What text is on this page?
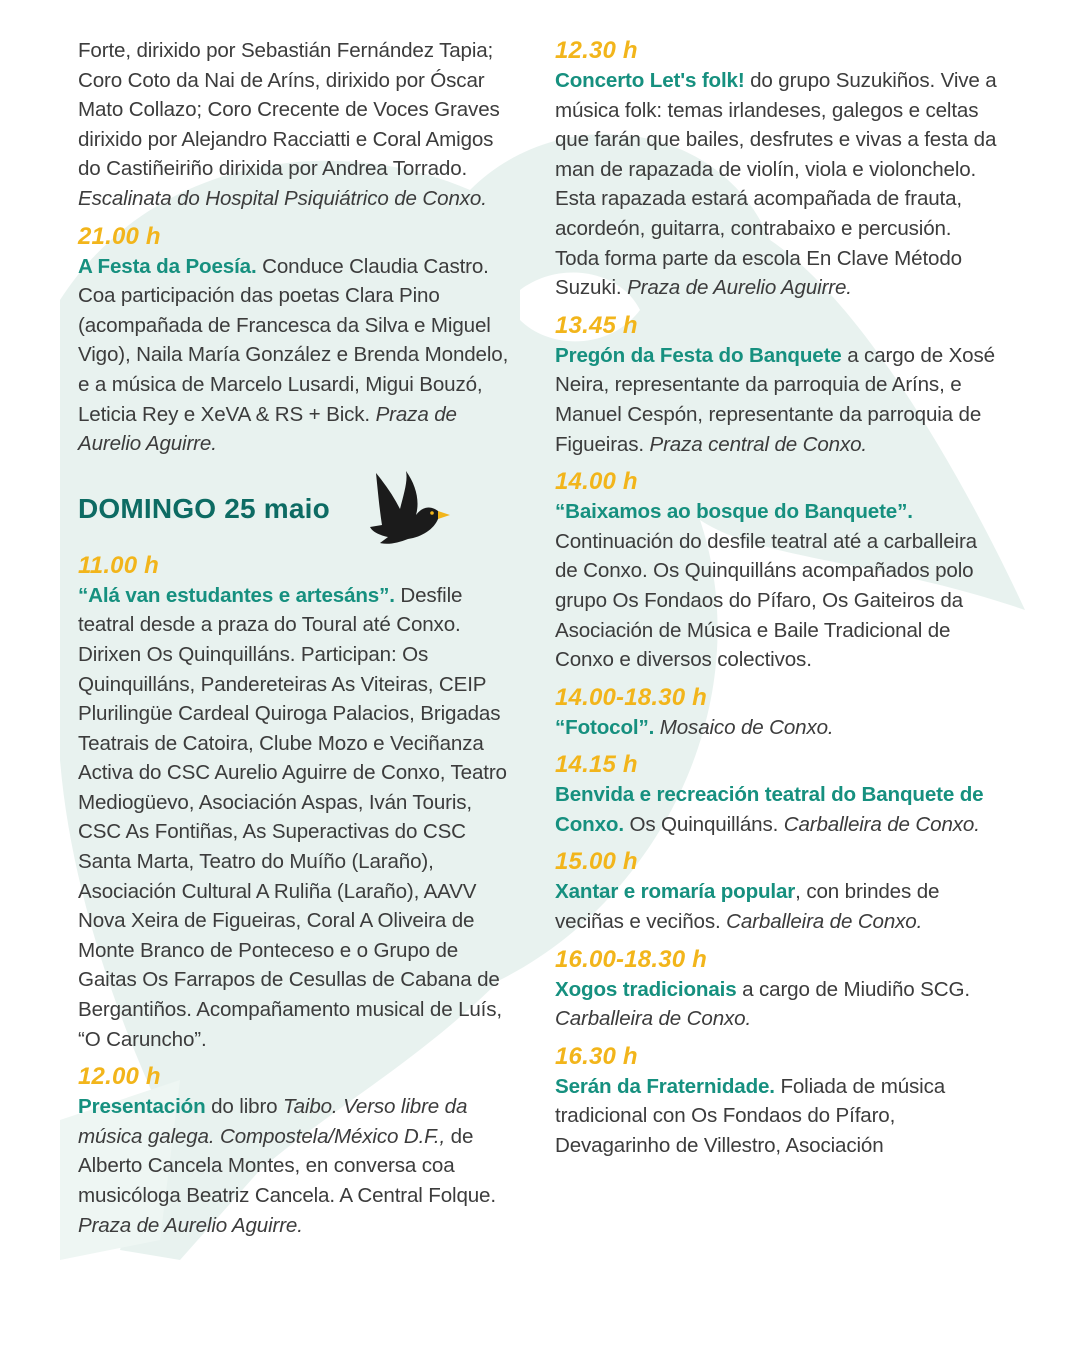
Forte, dirixido por Sebastián Fernández Tapia; Coro Coto da Nai de Aríns, dirixido por Óscar Mato Collazo; Coro Crecente de Voces Graves dirixido por Alejandro Racciatti e Coral Amigos do Castiñeiriño dirixida por Andrea Torrado. Escalinata do Hospital Psiquiátrico de Conxo.

21.00 h

A Festa da Poesía. Conduce Claudia Castro. Coa participación das poetas Clara Pino (acompañada de Francesca da Silva e Miguel Vigo), Naila María González e Brenda Mondelo, e a música de Marcelo Lusardi, Migui Bouzó, Leticia Rey e XeVA & RS + Bick. Praza de Aurelio Aguirre.

DOMINGO 25 maio

11.00 h

“Alá van estudantes e artesáns”. Desfile teatral desde a praza do Toural até Conxo. Dirixen Os Quinquilláns. Participan: Os Quinquilláns, Pandereteiras As Viteiras, CEIP Plurilingüe Cardeal Quiroga Palacios, Brigadas Teatrais de Catoira, Clube Mozo e Veciñanza Activa do CSC Aurelio Aguirre de Conxo, Teatro Mediogüevo, Asociación Aspas, Iván Touris, CSC As Fontiñas, As Superactivas do CSC Santa Marta, Teatro do Muíño (Laraño), Asociación Cultural A Ruliña (Laraño), AAVV Nova Xeira de Figueiras, Coral A Oliveira de Monte Branco de Ponteceso e o Grupo de Gaitas Os Farrapos de Cesullas de Cabana de Bergantiños. Acompañamento musical de Luís, “O Caruncho”.

12.00 h

Presentación do libro Taibo. Verso libre da música galega. Compostela/México D.F., de Alberto Cancela Montes, en conversa coa musicóloga Beatriz Cancela. A Central Folque. Praza de Aurelio Aguirre.

12.30 h

Concerto Let's folk! do grupo Suzukiños. Vive a música folk: temas irlandeses, galegos e celtas que farán que bailes, desfrutes e vivas a festa da man de rapazada de violín, viola e violonchelo. Esta rapazada estará acompañada de frauta, acordeón, guitarra, contrabaixo e percusión. Toda forma parte da escola En Clave Método Suzuki. Praza de Aurelio Aguirre.

13.45 h

Pregón da Festa do Banquete a cargo de Xosé Neira, representante da parroquia de Aríns, e Manuel Cespón, representante da parroquia de Figueiras. Praza central de Conxo.

14.00 h

“Baixamos ao bosque do Banquete”. Continuación do desfile teatral até a carballeira de Conxo. Os Quinquilláns acompañados polo grupo Os Fondaos do Pífaro, Os Gaiteiros da Asociación de Música e Baile Tradicional de Conxo e diversos colectivos.

14.00-18.30 h

“Fotocol”. Mosaico de Conxo.

14.15 h

Benvida e recreación teatral do Banquete de Conxo. Os Quinquilláns. Carballeira de Conxo.

15.00 h

Xantar e romaría popular, con brindes de veciñas e veciños. Carballeira de Conxo.

16.00-18.30 h

Xogos tradicionais a cargo de Miudiño SCG. Carballeira de Conxo.

16.30 h

Serán da Fraternidade. Foliada de música tradicional con Os Fondaos do Pífaro, Devagarinho de Villestro, Asociación
